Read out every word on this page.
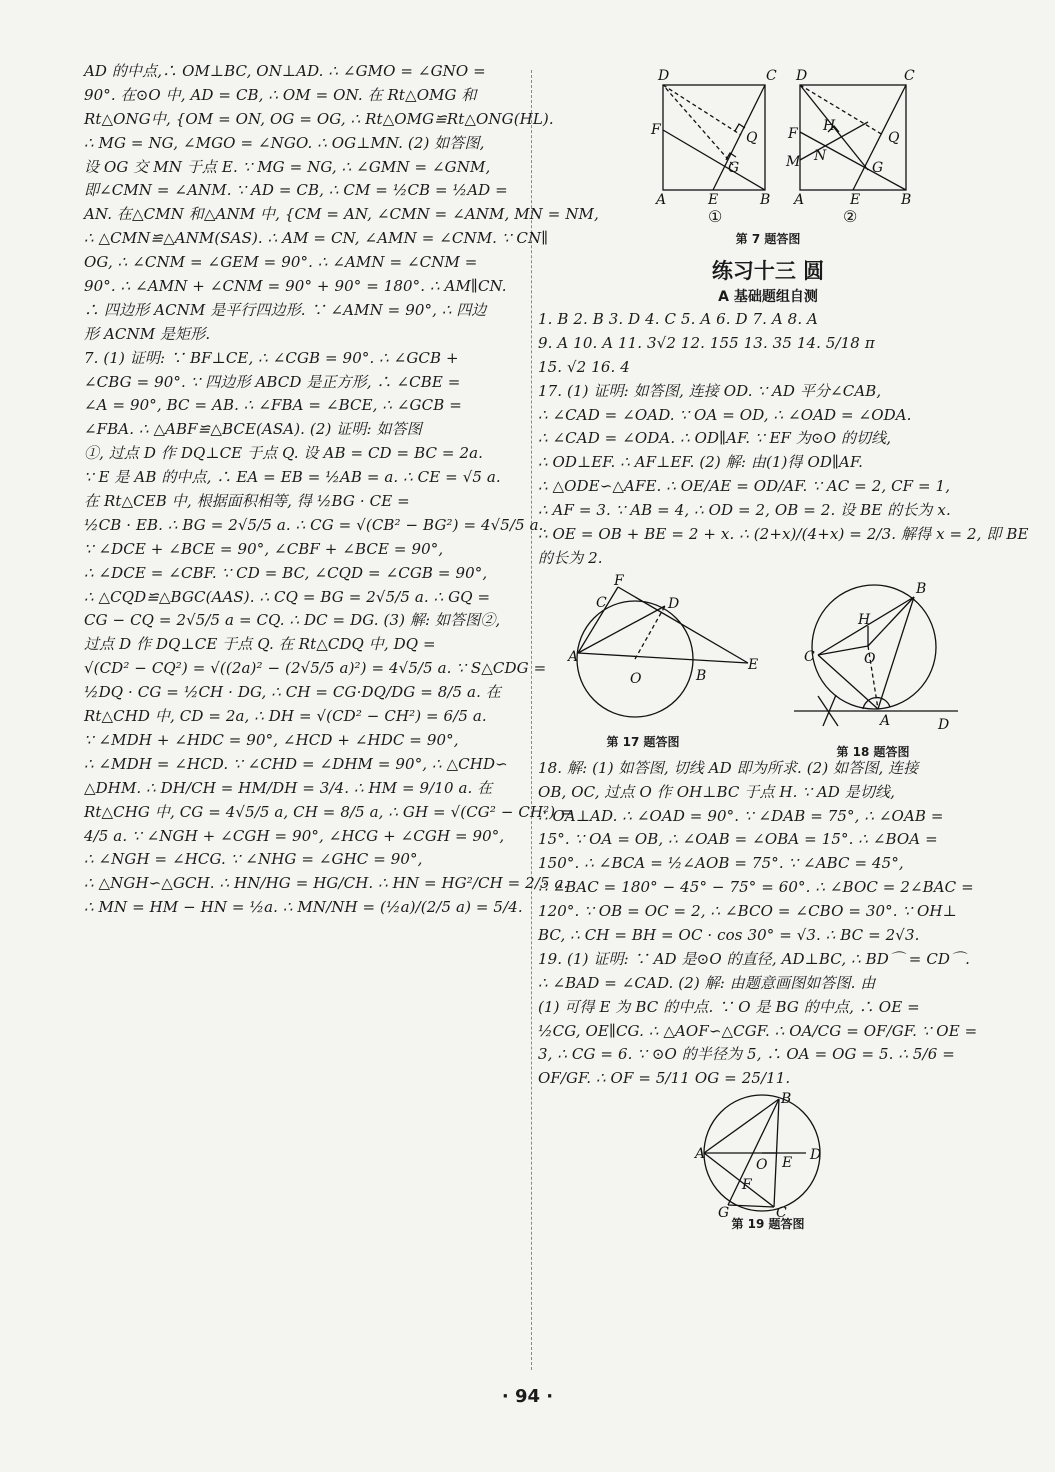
AD 的中点,∴ OM⊥BC, ON⊥AD. ∴ ∠GMO = ∠GNO =
90°. 在⊙O 中, AD = CB, ∴ OM = ON. 在 Rt△OMG 和
Rt△ONG中, {OM = ON, OG = OG, ∴ Rt△OMG≌Rt△ONG(HL).
∴ MG = NG, ∠MGO = ∠NGO. ∴ OG⊥MN. (2) 如答图,
设 OG 交 MN 于点 E. ∵ MG = NG, ∴ ∠GMN = ∠GNM,
即∠CMN = ∠ANM. ∵ AD = CB, ∴ CM = ½CB = ½AD =
AN. 在△CMN 和△ANM 中, {CM = AN, ∠CMN = ∠ANM, MN = NM,
∴ △CMN≌△ANM(SAS). ∴ AM = CN, ∠AMN = ∠CNM. ∵ CN∥
OG, ∴ ∠CNM = ∠GEM = 90°. ∴ ∠AMN = ∠CNM =
90°. ∴ ∠AMN + ∠CNM = 90° + 90° = 180°. ∴ AM∥CN.
∴ 四边形 ACNM 是平行四边形. ∵ ∠AMN = 90°, ∴ 四边
形 ACNM 是矩形.
7. (1) 证明: ∵ BF⊥CE, ∴ ∠CGB = 90°. ∴ ∠GCB +
∠CBG = 90°. ∵ 四边形 ABCD 是正方形, ∴ ∠CBE =
∠A = 90°, BC = AB. ∴ ∠FBA = ∠BCE, ∴ ∠GCB =
∠FBA. ∴ △ABF≌△BCE(ASA). (2) 证明: 如答图
①, 过点 D 作 DQ⊥CE 于点 Q. 设 AB = CD = BC = 2a.
∵ E 是 AB 的中点, ∴ EA = EB = ½AB = a. ∴ CE = √5 a.
在 Rt△CEB 中, 根据面积相等, 得 ½BG · CE =
½CB · EB. ∴ BG = 2√5/5 a. ∴ CG = √(CB² − BG²) = 4√5/5 a.
∵ ∠DCE + ∠BCE = 90°, ∠CBF + ∠BCE = 90°,
∴ ∠DCE = ∠CBF. ∵ CD = BC, ∠CQD = ∠CGB = 90°,
∴ △CQD≌△BGC(AAS). ∴ CQ = BG = 2√5/5 a. ∴ GQ =
CG − CQ = 2√5/5 a = CQ. ∴ DC = DG. (3) 解: 如答图②,
过点 D 作 DQ⊥CE 于点 Q. 在 Rt△CDQ 中, DQ =
√(CD² − CQ²) = √((2a)² − (2√5/5 a)²) = 4√5/5 a. ∵ S△CDG =
½DQ · CG = ½CH · DG, ∴ CH = CG·DQ/DG = 8/5 a. 在
Rt△CHD 中, CD = 2a, ∴ DH = √(CD² − CH²) = 6/5 a.
∵ ∠MDH + ∠HDC = 90°, ∠HCD + ∠HDC = 90°,
∴ ∠MDH = ∠HCD. ∵ ∠CHD = ∠DHM = 90°, ∴ △CHD∽
△DHM. ∴ DH/CH = HM/DH = 3/4. ∴ HM = 9/10 a. 在
Rt△CHG 中, CG = 4√5/5 a, CH = 8/5 a, ∴ GH = √(CG² − CH²) =
4/5 a. ∵ ∠NGH + ∠CGH = 90°, ∠HCG + ∠CGH = 90°,
∴ ∠NGH = ∠HCG. ∵ ∠NHG = ∠GHC = 90°,
∴ △NGH∽△GCH. ∴ HN/HG = HG/CH. ∴ HN = HG²/CH = 2/5 a.
∴ MN = HM − HN = ½a. ∴ MN/NH = (½a)/(2/5 a) = 5/4.
D	C
F
A	E	B
Q
G
D	C
F H
M N
A	E	B
Q
G
①	②
第 7 题答图
练习十三 圆
A 基础题组自测
1. B 2. B 3. D 4. C 5. A 6. D 7. A 8. A
9. A 10. A 11. 3√2 12. 155 13. 35 14. 5/18 π
15. √2 16. 4
17. (1) 证明: 如答图, 连接 OD. ∵ AD 平分∠CAB,
∴ ∠CAD = ∠OAD. ∵ OA = OD, ∴ ∠OAD = ∠ODA.
∴ ∠CAD = ∠ODA. ∴ OD∥AF. ∵ EF 为⊙O 的切线,
∴ OD⊥EF. ∴ AF⊥EF. (2) 解: 由(1)得 OD∥AF.
∴ △ODE∽△AFE. ∴ OE/AE = OD/AF. ∵ AC = 2, CF = 1,
∴ AF = 3. ∵ AB = 4, ∴ OD = 2, OB = 2. 设 BE 的长为 x.
∴ OE = OB + BE = 2 + x. ∴ (2+x)/(4+x) = 2/3. 解得 x = 2, 即 BE
的长为 2.
C
F
D
A
O	B
E
B
H
C	O
A	D
第 17 题答图
第 18 题答图
18. 解: (1) 如答图, 切线 AD 即为所求. (2) 如答图, 连接
OB, OC, 过点 O 作 OH⊥BC 于点 H. ∵ AD 是切线,
∴ OA⊥AD. ∴ ∠OAD = 90°. ∵ ∠DAB = 75°, ∴ ∠OAB =
15°. ∵ OA = OB, ∴ ∠OAB = ∠OBA = 15°. ∴ ∠BOA =
150°. ∴ ∠BCA = ½∠AOB = 75°. ∵ ∠ABC = 45°,
∴ ∠BAC = 180° − 45° − 75° = 60°. ∴ ∠BOC = 2∠BAC =
120°. ∵ OB = OC = 2, ∴ ∠BCO = ∠CBO = 30°. ∵ OH⊥
BC, ∴ CH = BH = OC · cos 30° = √3. ∴ BC = 2√3.
19. (1) 证明: ∵ AD 是⊙O 的直径, AD⊥BC, ∴ BD⌒ = CD⌒.
∴ ∠BAD = ∠CAD. (2) 解: 由题意画图如答图. 由
(1) 可得 E 为 BC 的中点. ∵ O 是 BG 的中点, ∴ OE =
½CG, OE∥CG. ∴ △AOF∽△CGF. ∴ OA/CG = OF/GF. ∵ OE =
3, ∴ CG = 6. ∵ ⊙O 的半径为 5, ∴ OA = OG = 5. ∴ 5/6 =
OF/GF. ∴ OF = 5/11 OG = 25/11.
B
A
O E D
F
G	C
第 19 题答图
· 94 ·
